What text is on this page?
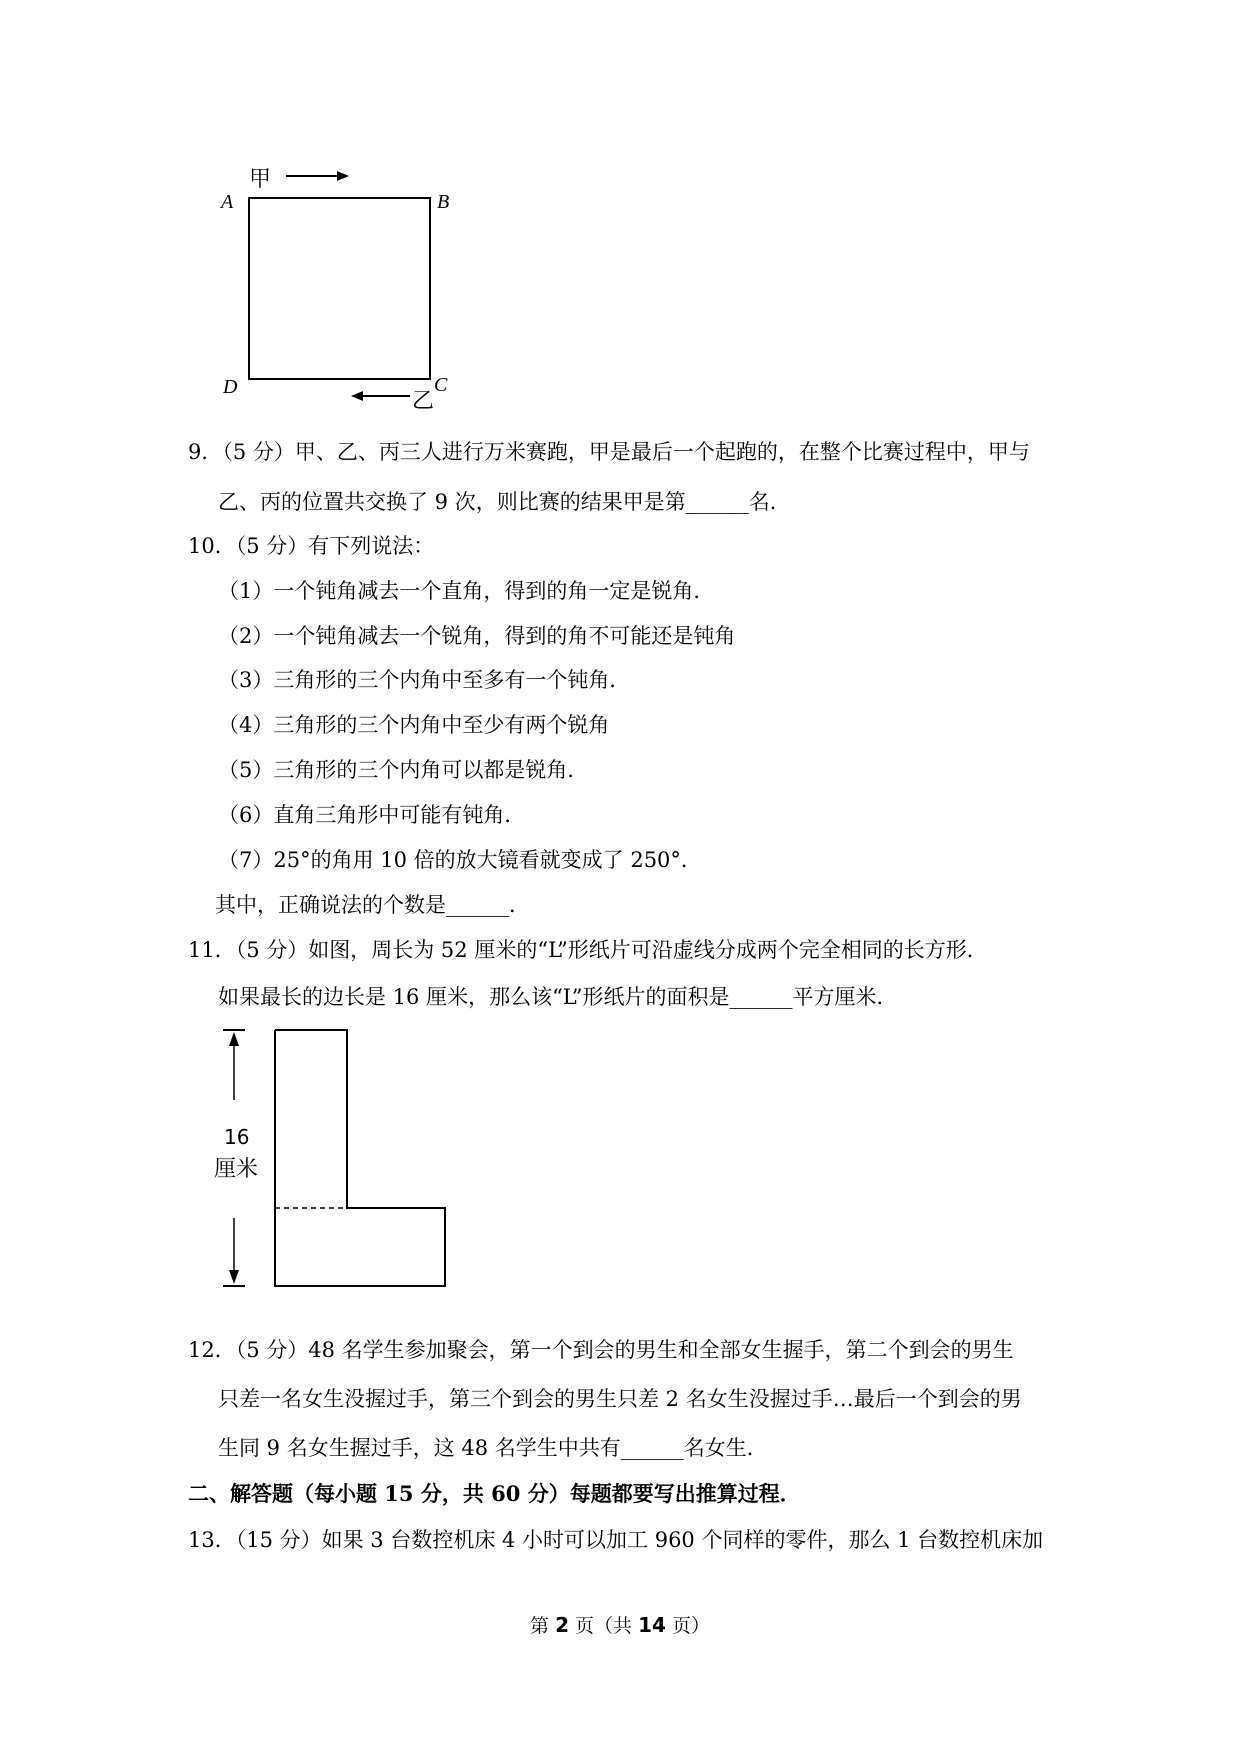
甲
A	B
C
D
乙
16
厘米
9．（5 分）甲、乙、丙三人进行万米赛跑，甲是最后一个起跑的，在整个比赛过程中，甲与
乙、丙的位置共交换了 9 次，则比赛的结果甲是第______名．
10．（5 分）有下列说法：
（1）一个钝角减去一个直角，得到的角一定是锐角．
（2）一个钝角减去一个锐角，得到的角不可能还是钝角
（3）三角形的三个内角中至多有一个钝角．
（4）三角形的三个内角中至少有两个锐角
（5）三角形的三个内角可以都是锐角．
（6）直角三角形中可能有钝角．
（7）25°的角用 10 倍的放大镜看就变成了 250°．
其中，正确说法的个数是______．
11．（5 分）如图，周长为 52 厘米的“L”形纸片可沿虚线分成两个完全相同的长方形．
如果最长的边长是 16 厘米，那么该“L”形纸片的面积是______平方厘米．
12．（5 分）48 名学生参加聚会，第一个到会的男生和全部女生握手，第二个到会的男生
只差一名女生没握过手，第三个到会的男生只差 2 名女生没握过手…最后一个到会的男
生同 9 名女生握过手，这 48 名学生中共有______名女生．
二、解答题（每小题 15 分，共 60 分）每题都要写出推算过程．
13．（15 分）如果 3 台数控机床 4 小时可以加工 960 个同样的零件，那么 1 台数控机床加
第 2 页（共 14 页）
